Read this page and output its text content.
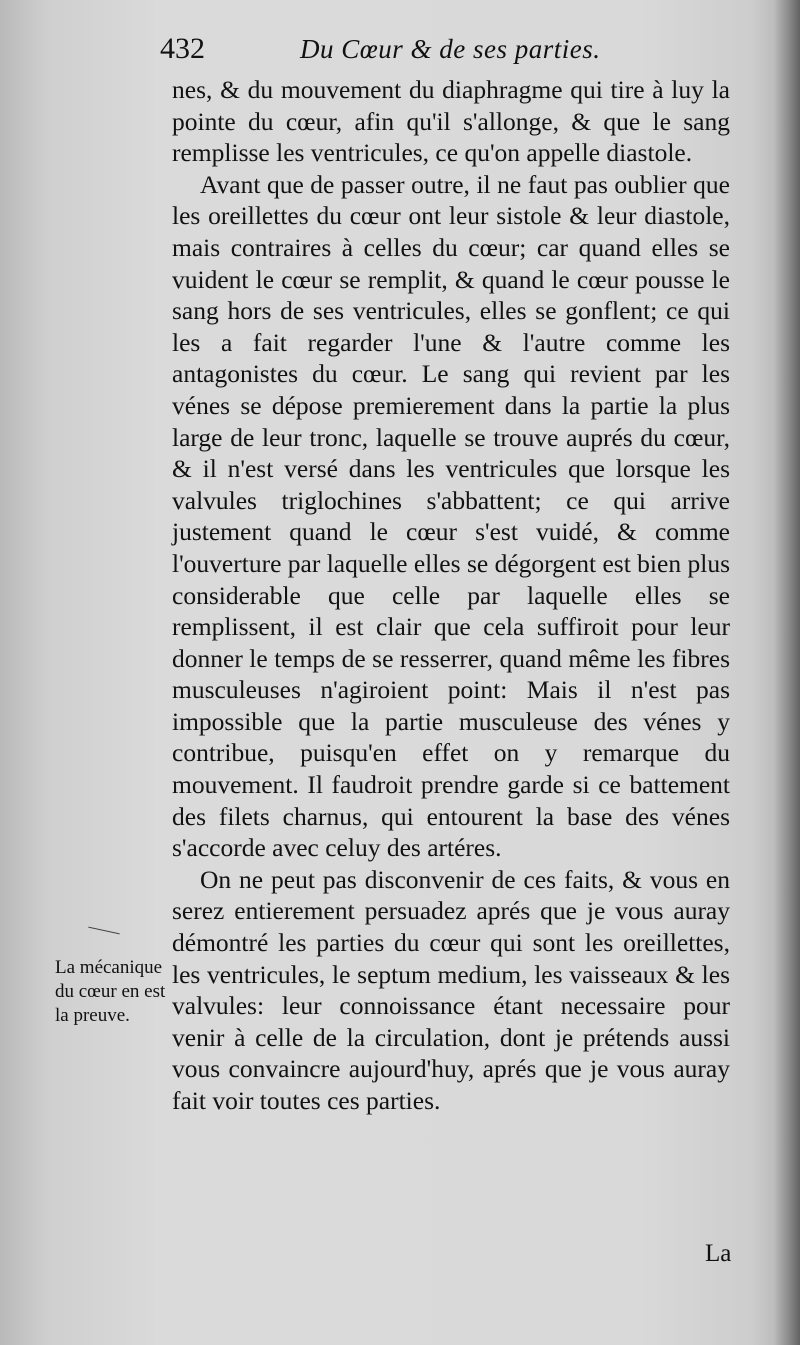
432	Du Cœur & de ses parties.

nes, & du mouvement du diaphragme qui tire à luy la pointe du cœur, afin qu'il s'allonge, & que le sang remplisse les ventricules, ce qu'on appelle diastole.

Avant que de passer outre, il ne faut pas oublier que les oreillettes du cœur ont leur sistole & leur diastole, mais contraires à celles du cœur; car quand elles se vuident le cœur se remplit, & quand le cœur pousse le sang hors de ses ventricules, elles se gonflent; ce qui les a fait regarder l'une & l'autre comme les antagonistes du cœur. Le sang qui revient par les vénes se dépose premierement dans la partie la plus large de leur tronc, laquelle se trouve auprés du cœur, & il n'est versé dans les ventricules que lorsque les valvules triglochines s'abbattent; ce qui arrive justement quand le cœur s'est vuidé, & comme l'ouverture par laquelle elles se dégorgent est bien plus considerable que celle par laquelle elles se remplissent, il est clair que cela suffiroit pour leur donner le temps de se resserrer, quand même les fibres musculeuses n'agiroient point: Mais il n'est pas impossible que la partie musculeuse des vénes y contribue, puisqu'en effet on y remarque du mouvement. Il faudroit prendre garde si ce battement des filets charnus, qui entourent la base des vénes s'accorde avec celuy des artéres.

On ne peut pas disconvenir de ces faits, & vous en serez entierement persuadez aprés que je vous auray démontré les parties du cœur qui sont les oreillettes, les ventricules, le septum medium, les vaisseaux & les valvules: leur connoissance étant necessaire pour venir à celle de la circulation, dont je prétends aussi vous convaincre aujourd'huy, aprés que je vous auray fait voir toutes ces parties.

La mécanique du cœur en est la preuve.

La
